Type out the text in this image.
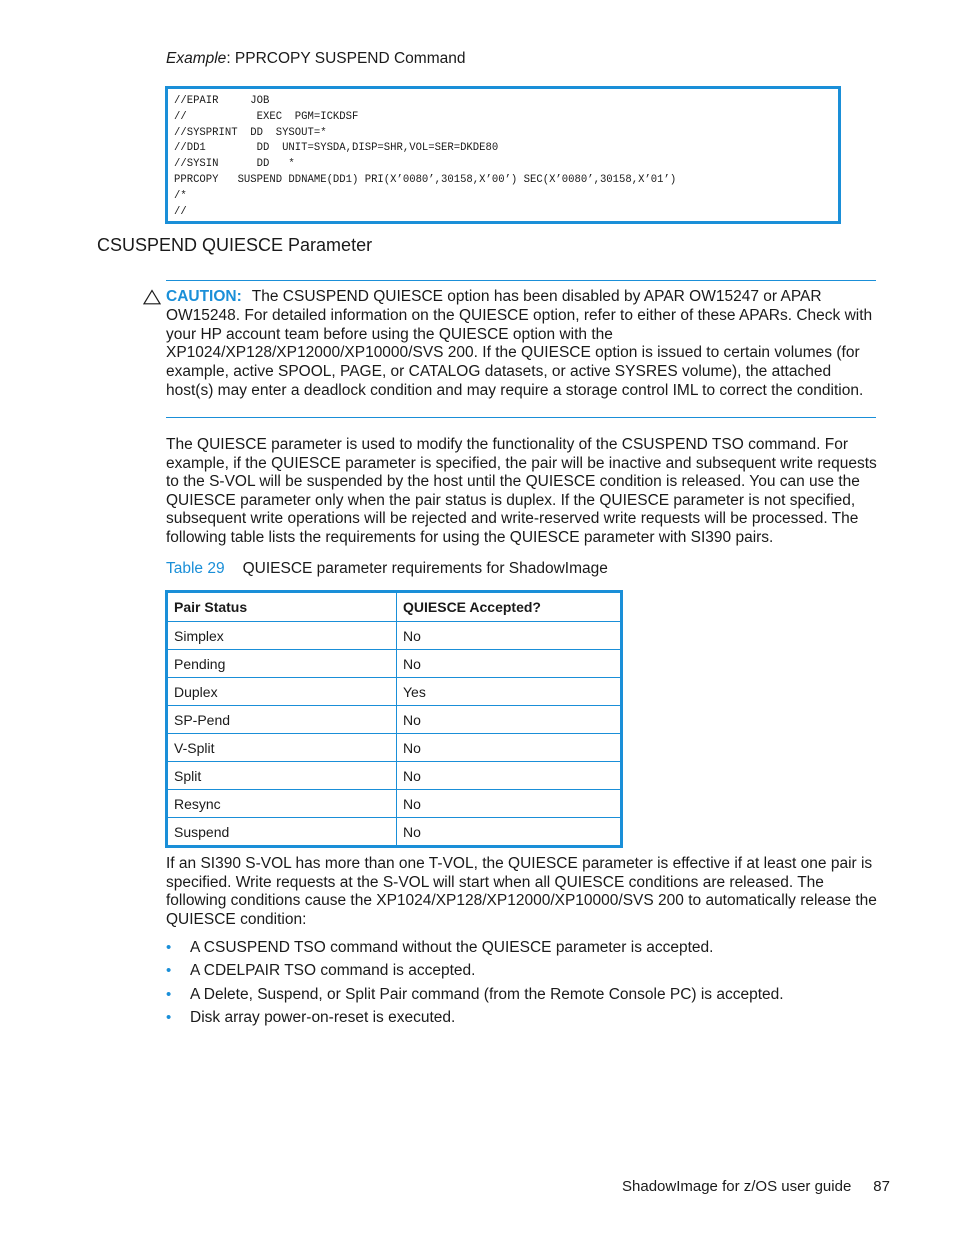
Example: PPRCOPY SUSPEND Command
//EPAIR     JOB
//           EXEC  PGM=ICKDSF
//SYSPRINT  DD  SYSOUT=*
//DD1        DD  UNIT=SYSDA,DISP=SHR,VOL=SER=DKDE80
//SYSIN      DD   *
PPRCOPY   SUSPEND DDNAME(DD1) PRI(X’0080’,30158,X’00’) SEC(X’0080’,30158,X’01’)
/*
//
CSUSPEND QUIESCE Parameter
CAUTION: The CSUSPEND QUIESCE option has been disabled by APAR OW15247 or APAR OW15248. For detailed information on the QUIESCE option, refer to either of these APARs. Check with your HP account team before using the QUIESCE option with the XP1024/XP128/XP12000/XP10000/SVS 200. If the QUIESCE option is issued to certain volumes (for example, active SPOOL, PAGE, or CATALOG datasets, or active SYSRES volume), the attached host(s) may enter a deadlock condition and may require a storage control IML to correct the condition.
The QUIESCE parameter is used to modify the functionality of the CSUSPEND TSO command. For example, if the QUIESCE parameter is specified, the pair will be inactive and subsequent write requests to the S-VOL will be suspended by the host until the QUIESCE condition is released. You can use the QUIESCE parameter only when the pair status is duplex. If the QUIESCE parameter is not specified, subsequent write operations will be rejected and write-reserved write requests will be processed. The following table lists the requirements for using the QUIESCE parameter with SI390 pairs.
Table 29 QUIESCE parameter requirements for ShadowImage
Pair Status	QUIESCE Accepted?
Simplex	No
Pending	No
Duplex	Yes
SP-Pend	No
V-Split	No
Split	No
Resync	No
Suspend	No
If an SI390 S-VOL has more than one T-VOL, the QUIESCE parameter is effective if at least one pair is specified. Write requests at the S-VOL will start when all QUIESCE conditions are released. The following conditions cause the XP1024/XP128/XP12000/XP10000/SVS 200 to automatically release the QUIESCE condition:
• A CSUSPEND TSO command without the QUIESCE parameter is accepted.
• A CDELPAIR TSO command is accepted.
• A Delete, Suspend, or Split Pair command (from the Remote Console PC) is accepted.
• Disk array power-on-reset is executed.
ShadowImage for z/OS user guide 87
